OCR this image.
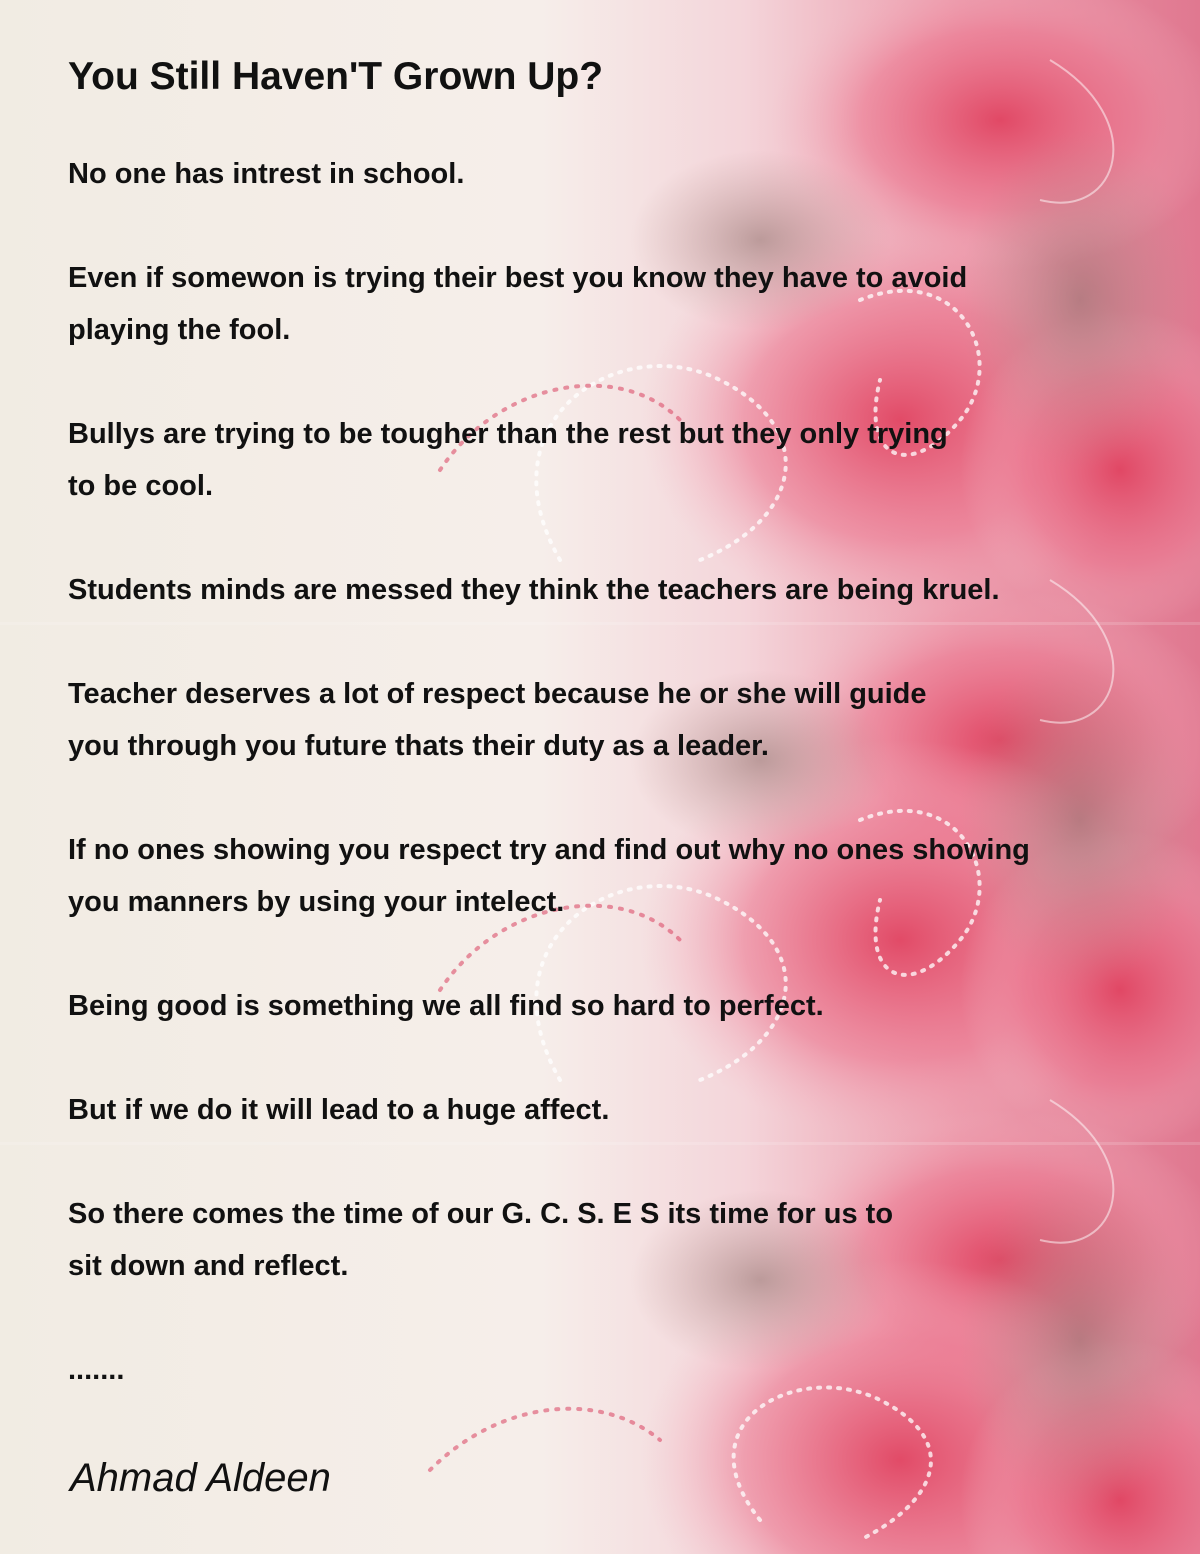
You Still Haven'T Grown Up?

No one has intrest in school.

Even if somewon is trying their best you know they have to avoid
playing the fool.

Bullys are trying to be tougher than the rest but they only trying
to be cool.

Students minds are messed they think the teachers are being kruel.

Teacher deserves a lot of respect because he or she will guide
you through you future thats their duty as a leader.

If no ones showing you respect try and find out why no ones showing
you manners by using your intelect.

Being good is something we all find so hard to perfect.

But if we do it will lead to a huge affect.

So there comes the time of our G. C. S. E S its time for us to
sit down and reflect.

.......

Ahmad Aldeen
